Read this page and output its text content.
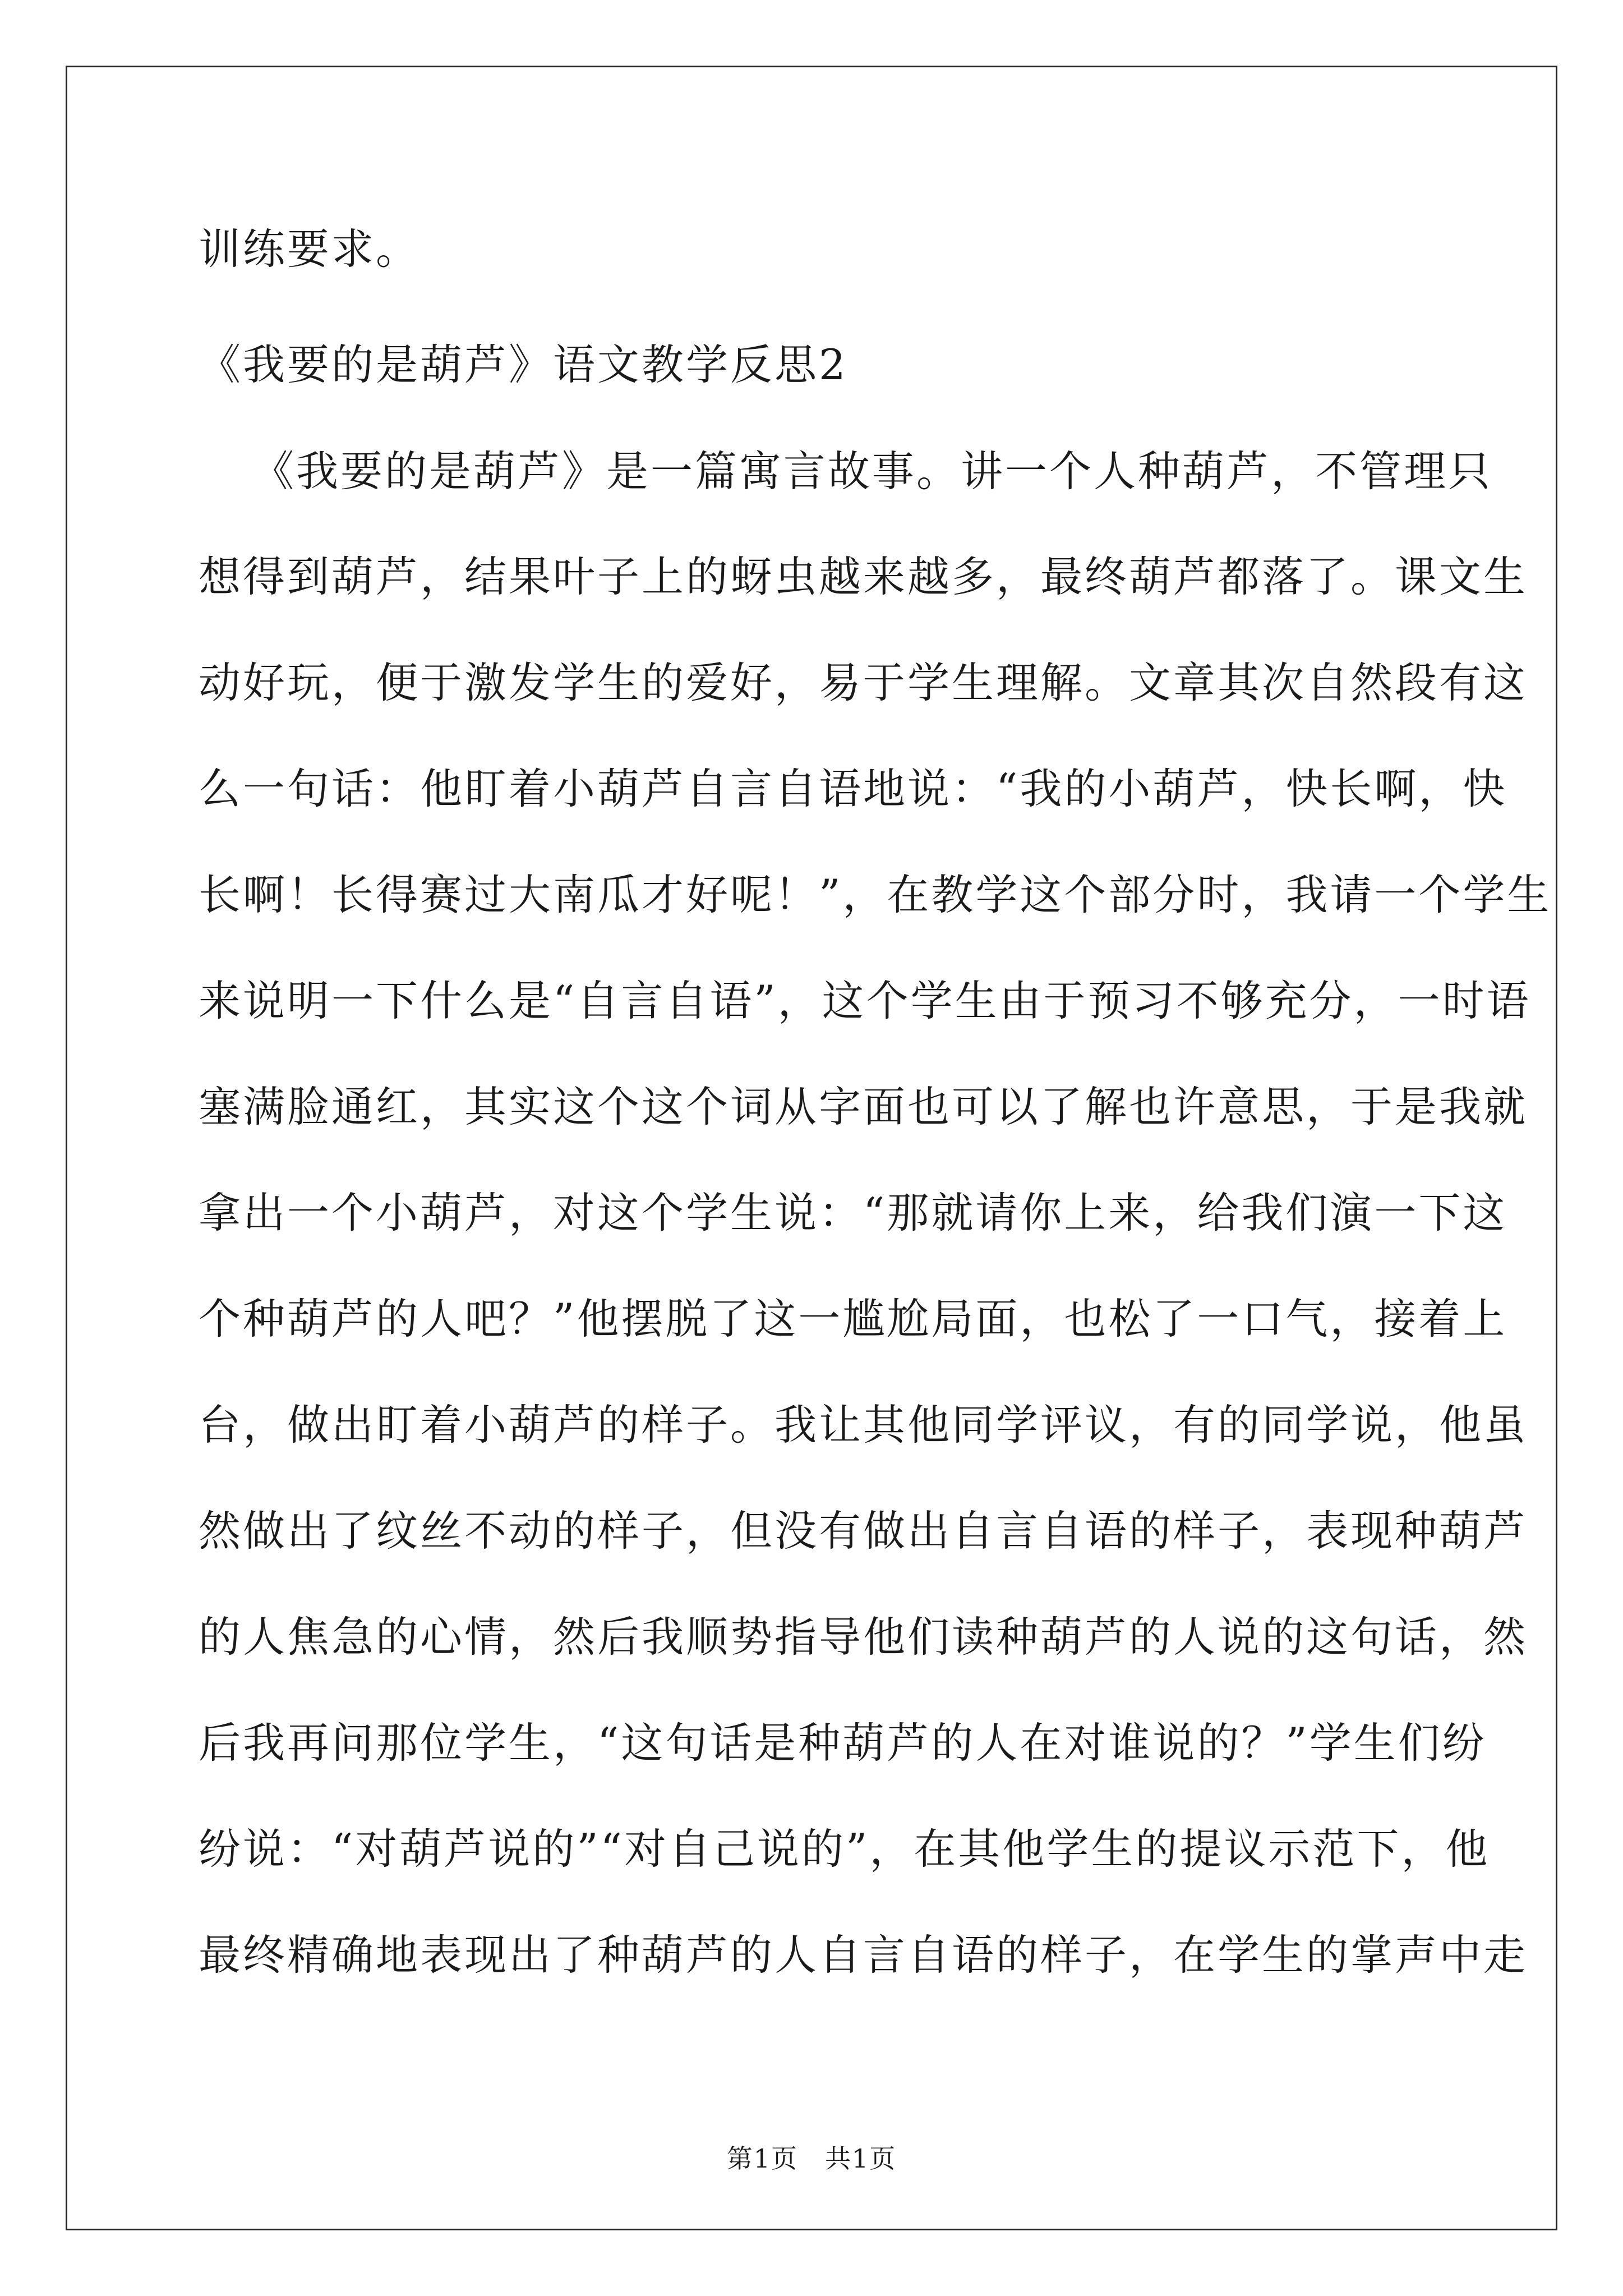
训练要求。
《我要的是葫芦》语文教学反思2
《我要的是葫芦》是一篇寓言故事。讲一个人种葫芦，不管理只
想得到葫芦，结果叶子上的蚜虫越来越多，最终葫芦都落了。课文生
动好玩，便于激发学生的爱好，易于学生理解。文章其次自然段有这
么一句话：他盯着小葫芦自言自语地说：“我的小葫芦，快长啊，快
长啊！长得赛过大南瓜才好呢！”，在教学这个部分时，我请一个学生
来说明一下什么是“自言自语”，这个学生由于预习不够充分，一时语
塞满脸通红，其实这个这个词从字面也可以了解也许意思，于是我就
拿出一个小葫芦，对这个学生说：“那就请你上来，给我们演一下这
个种葫芦的人吧？”他摆脱了这一尴尬局面，也松了一口气，接着上
台，做出盯着小葫芦的样子。我让其他同学评议，有的同学说，他虽
然做出了纹丝不动的样子，但没有做出自言自语的样子，表现种葫芦
的人焦急的心情，然后我顺势指导他们读种葫芦的人说的这句话，然
后我再问那位学生，“这句话是种葫芦的人在对谁说的？”学生们纷
纷说：“对葫芦说的”“对自己说的”，在其他学生的提议示范下，他
最终精确地表现出了种葫芦的人自言自语的样子，在学生的掌声中走
第1页　共1页
